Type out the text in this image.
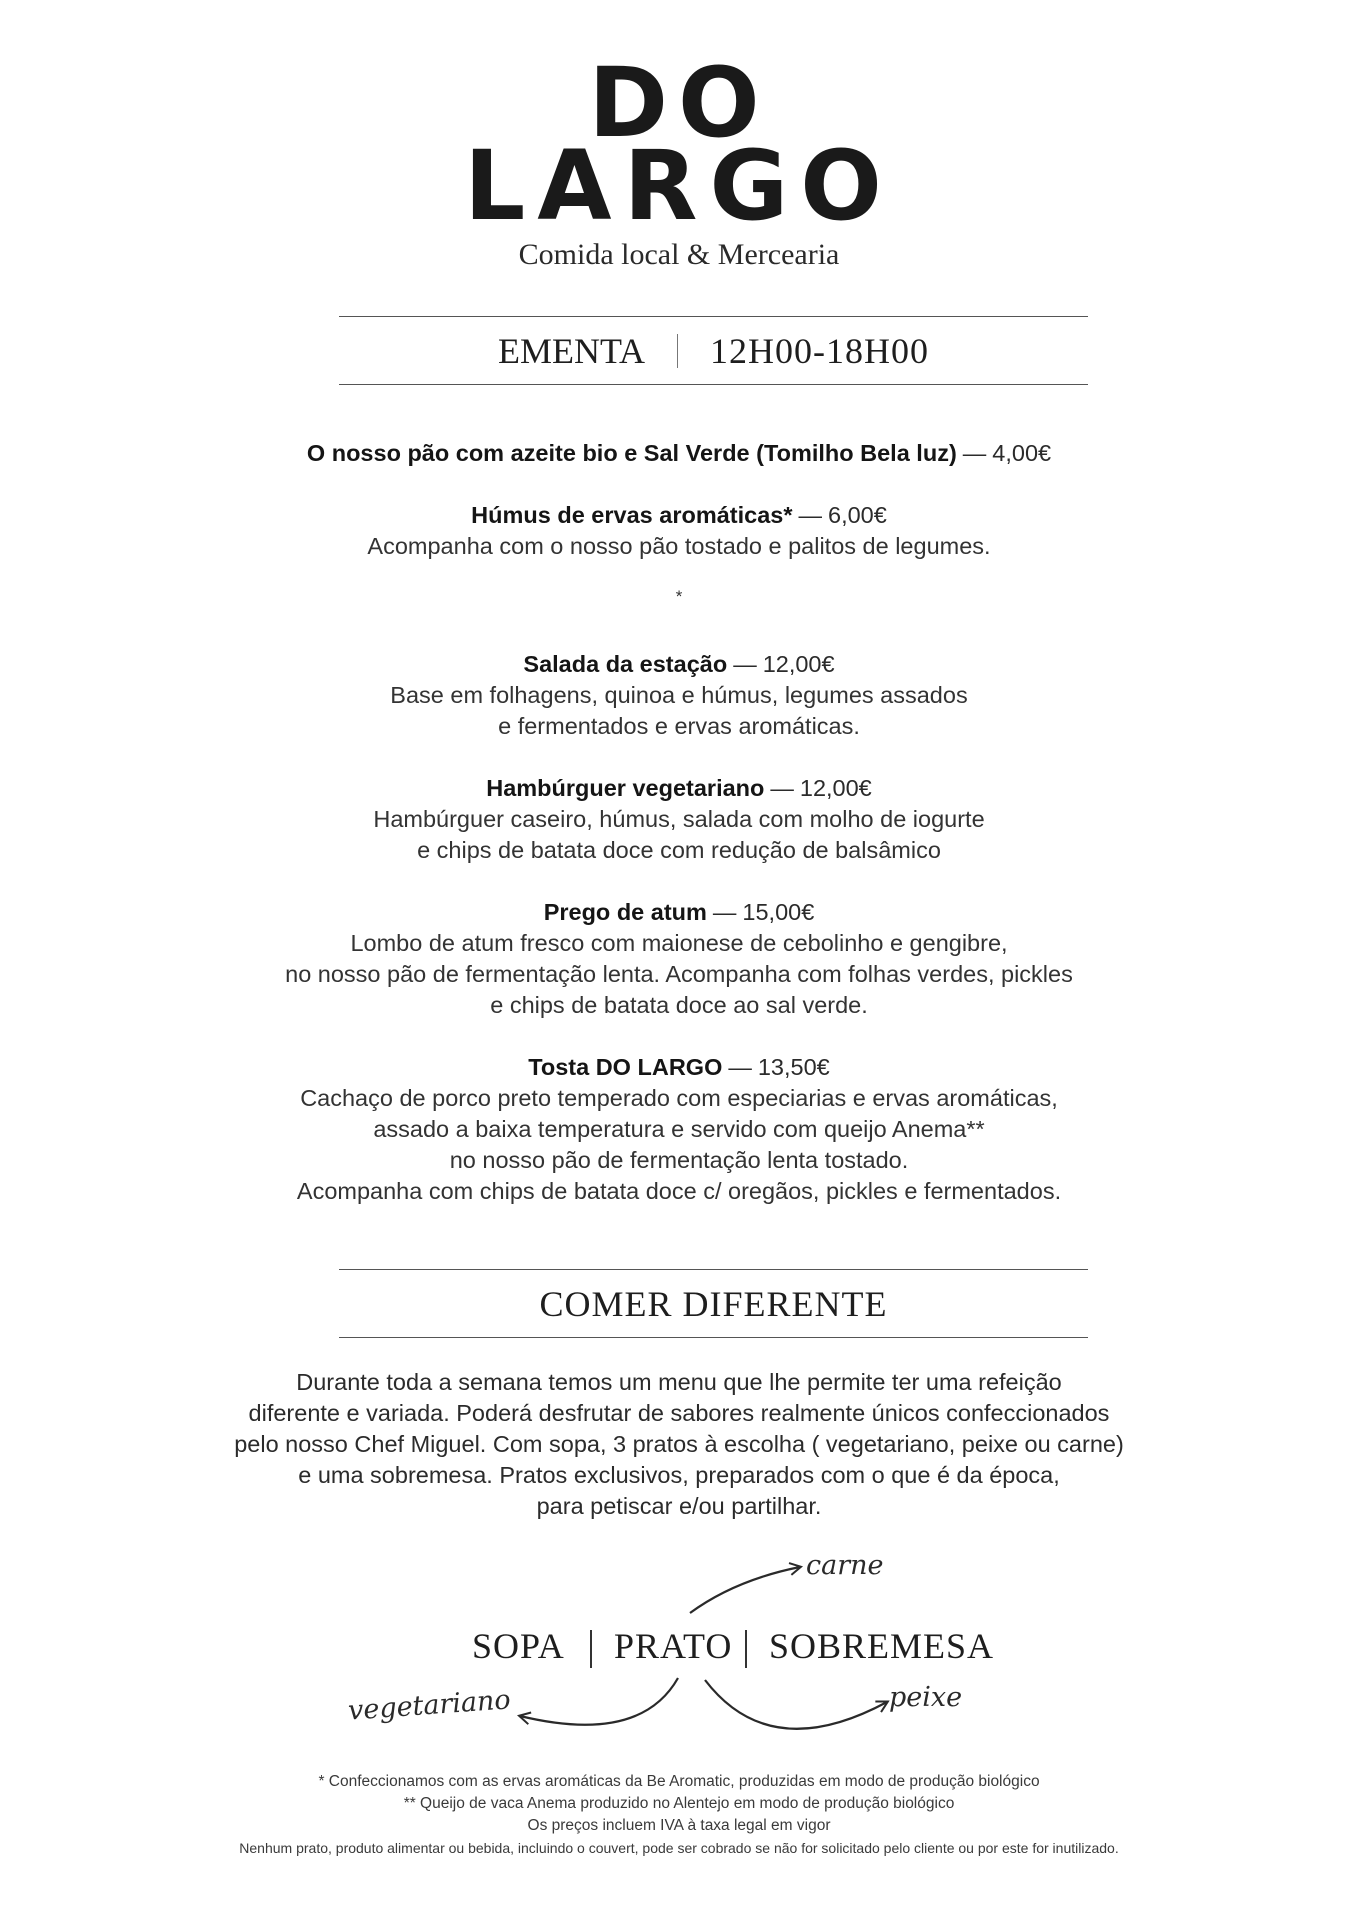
DO
LARGO
Comida local & Mercearia
EMENTA 12H00-18H00
O nosso pão com azeite bio e Sal Verde (Tomilho Bela luz) — 4,00€
Húmus de ervas aromáticas* — 6,00€
Acompanha com o nosso pão tostado e palitos de legumes.
*
Salada da estação — 12,00€
Base em folhagens, quinoa e húmus, legumes assados
e fermentados e ervas aromáticas.
Hambúrguer vegetariano — 12,00€
Hambúrguer caseiro, húmus, salada com molho de iogurte
e chips de batata doce com redução de balsâmico
Prego de atum — 15,00€
Lombo de atum fresco com maionese de cebolinho e gengibre,
no nosso pão de fermentação lenta. Acompanha com folhas verdes, pickles
e chips de batata doce ao sal verde.
Tosta DO LARGO — 13,50€
Cachaço de porco preto temperado com especiarias e ervas aromáticas,
assado a baixa temperatura e servido com queijo Anema**
no nosso pão de fermentação lenta tostado.
Acompanha com chips de batata doce c/ oregãos, pickles e fermentados.
COMER DIFERENTE
Durante toda a semana temos um menu que lhe permite ter uma refeição
diferente e variada. Poderá desfrutar de sabores realmente únicos confeccionados
pelo nosso Chef Miguel. Com sopa, 3 pratos à escolha ( vegetariano, peixe ou carne)
e uma sobremesa. Pratos exclusivos, preparados com o que é da época,
para petiscar e/ou partilhar.
SOPA PRATO SOBREMESA
carne
vegetariano	peixe
* Confeccionamos com as ervas aromáticas da Be Aromatic, produzidas em modo de produção biológico
** Queijo de vaca Anema produzido no Alentejo em modo de produção biológico
Os preços incluem IVA à taxa legal em vigor
Nenhum prato, produto alimentar ou bebida, incluindo o couvert, pode ser cobrado se não for solicitado pelo cliente ou por este for inutilizado.
